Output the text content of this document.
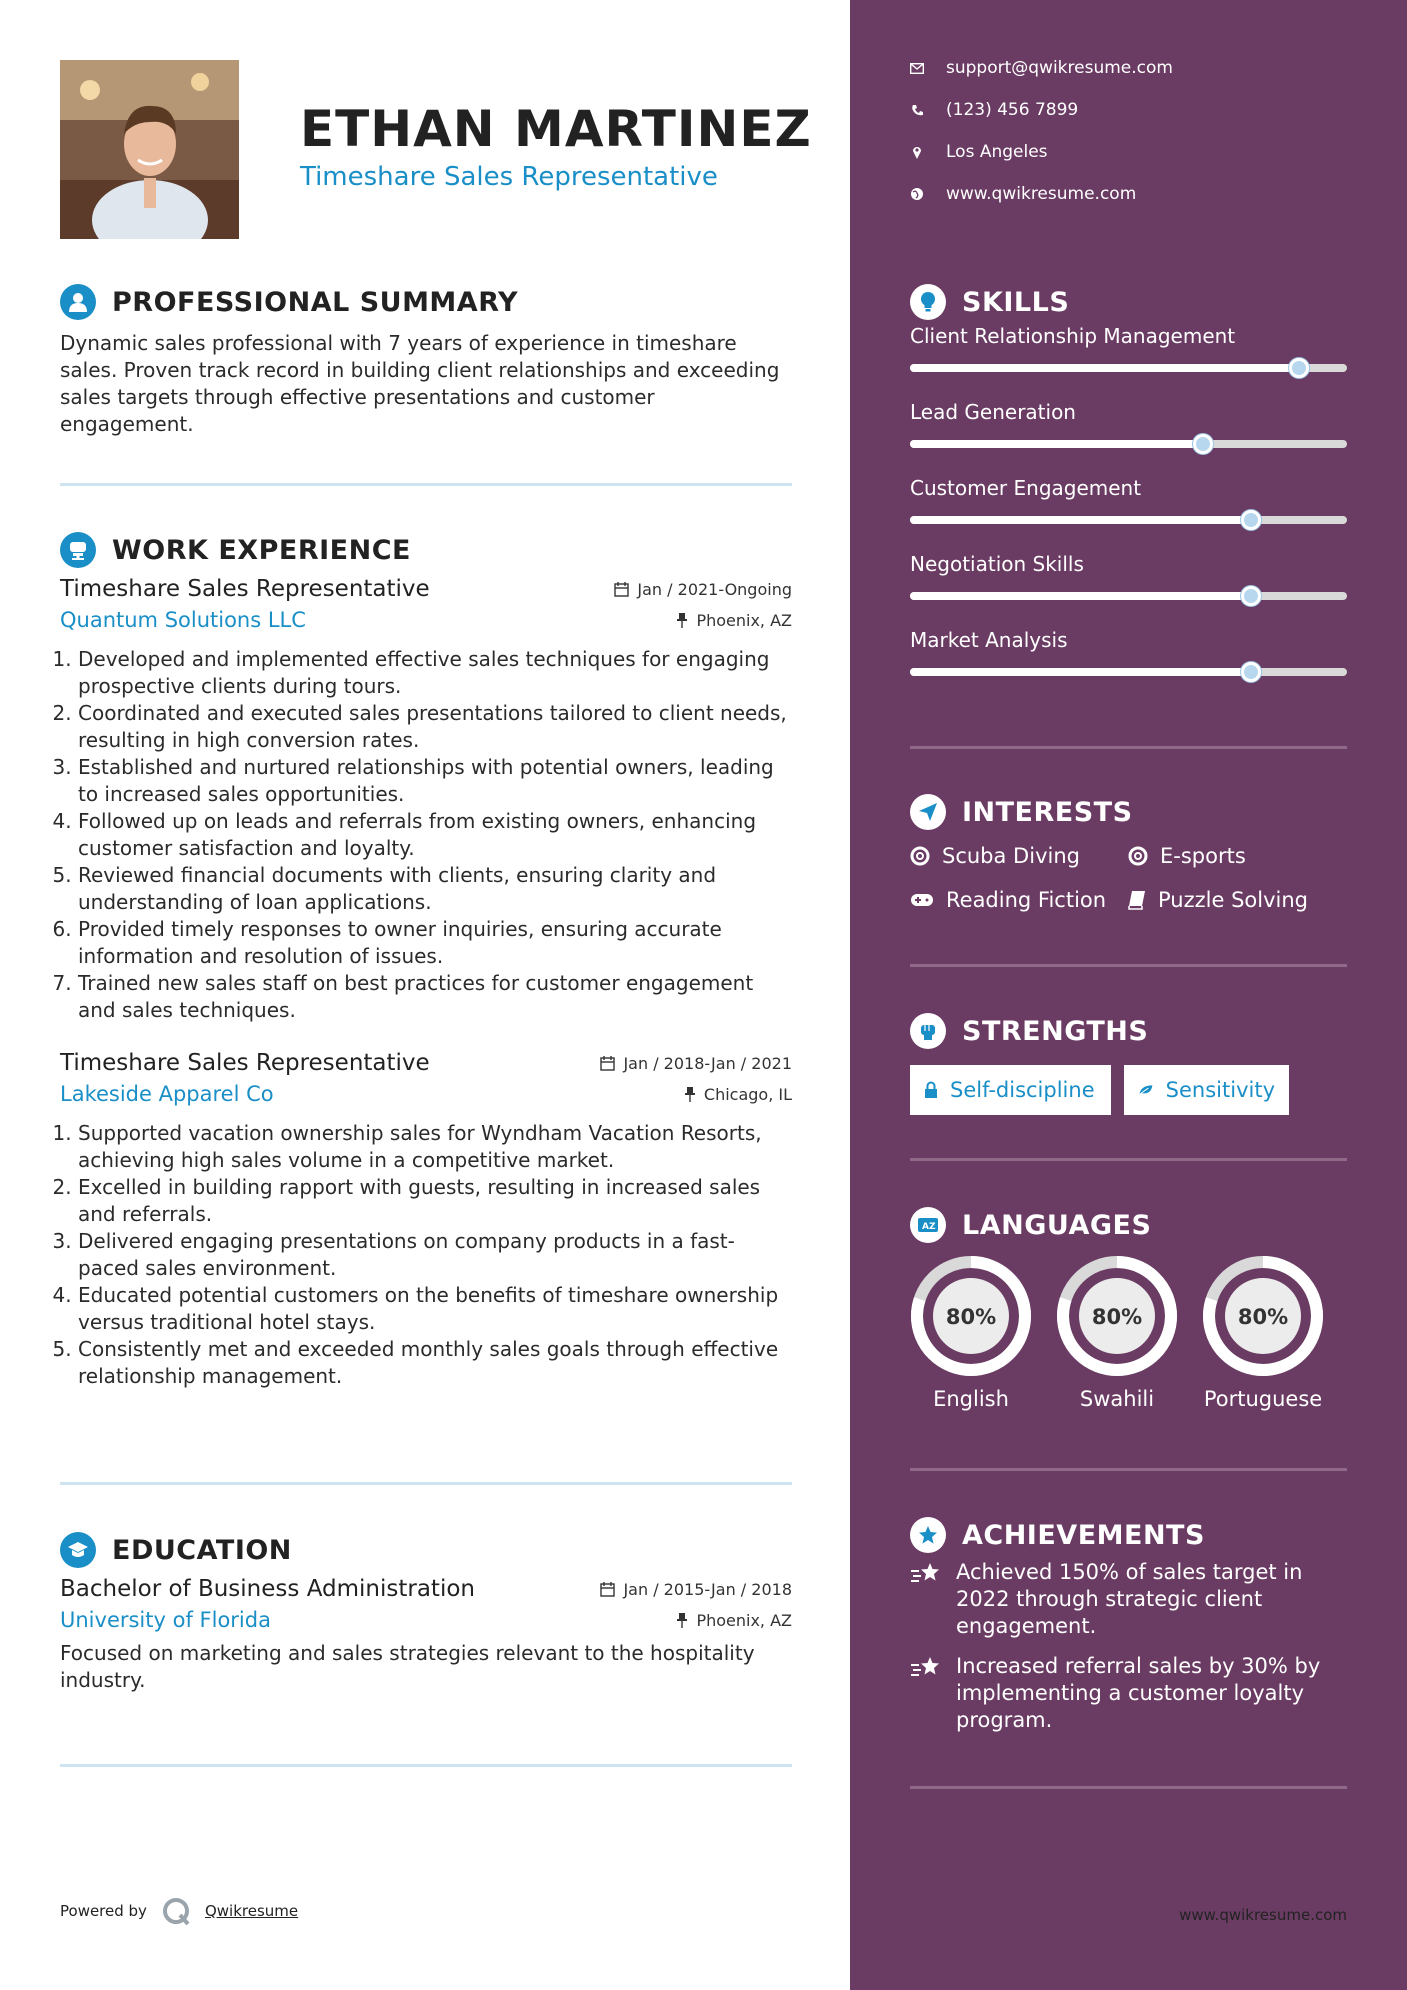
ETHAN MARTINEZ
Timeshare Sales Representative
PROFESSIONAL SUMMARY
Dynamic sales professional with 7 years of experience in timeshare sales. Proven track record in building client relationships and exceeding sales targets through effective presentations and customer engagement.
WORK EXPERIENCE
Timeshare Sales Representative	Jan / 2021-Ongoing
Quantum Solutions LLC	Phoenix, AZ
1. Developed and implemented effective sales techniques for engaging prospective clients during tours.
2. Coordinated and executed sales presentations tailored to client needs, resulting in high conversion rates.
3. Established and nurtured relationships with potential owners, leading to increased sales opportunities.
4. Followed up on leads and referrals from existing owners, enhancing customer satisfaction and loyalty.
5. Reviewed financial documents with clients, ensuring clarity and understanding of loan applications.
6. Provided timely responses to owner inquiries, ensuring accurate information and resolution of issues.
7. Trained new sales staff on best practices for customer engagement and sales techniques.
Timeshare Sales Representative	Jan / 2018-Jan / 2021
Lakeside Apparel Co	Chicago, IL
1. Supported vacation ownership sales for Wyndham Vacation Resorts, achieving high sales volume in a competitive market.
2. Excelled in building rapport with guests, resulting in increased sales and referrals.
3. Delivered engaging presentations on company products in a fast-paced sales environment.
4. Educated potential customers on the benefits of timeshare ownership versus traditional hotel stays.
5. Consistently met and exceeded monthly sales goals through effective relationship management.
EDUCATION
Bachelor of Business Administration	Jan / 2015-Jan / 2018
University of Florida	Phoenix, AZ
Focused on marketing and sales strategies relevant to the hospitality industry.
Powered by	Qwikresume
support@qwikresume.com
(123) 456 7899
Los Angeles
www.qwikresume.com
SKILLS
Client Relationship Management
Lead Generation
Customer Engagement
Negotiation Skills
Market Analysis
INTERESTS
Scuba Diving	E-sports
Reading Fiction Puzzle Solving
STRENGTHS
Self-discipline	Sensitivity
A Z LANGUAGES
80%
English
80%
Swahili
80%
Portuguese
ACHIEVEMENTS
Achieved 150% of sales target in 2022 through strategic client engagement.
Increased referral sales by 30% by implementing a customer loyalty program.
www.qwikresume.com
